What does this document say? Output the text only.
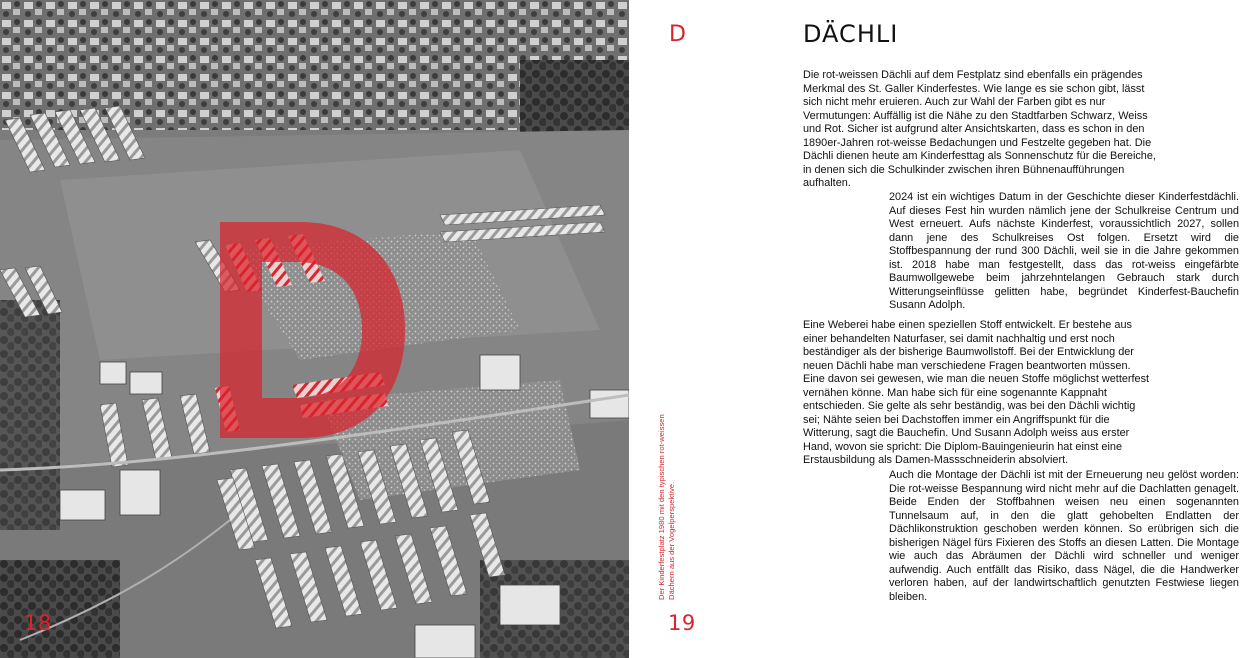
18
D	DÄCHLI

Der Kinderfestplatz 1980 mit den typischen rot-weissen Dächern aus der Vogelperspektive.

Die rot-weissen Dächli auf dem Festplatz sind ebenfalls ein prägendes Merkmal des St. Galler Kinderfestes. Wie lange es sie schon gibt, lässt sich nicht mehr eruieren. Auch zur Wahl der Farben gibt es nur Vermutungen: Auffällig ist die Nähe zu den Stadtfarben Schwarz, Weiss und Rot. Sicher ist aufgrund alter Ansichtskarten, dass es schon in den 1890er-Jahren rot-weisse Bedachungen und Festzelte gegeben hat. Die Dächli dienen heute am Kinderfesttag als Sonnenschutz für die Bereiche, in denen sich die Schulkinder zwischen ihren Bühnenaufführungen aufhalten.

2024 ist ein wichtiges Datum in der Geschichte dieser Kinderfestdächli. Auf dieses Fest hin wurden nämlich jene der Schulkreise Centrum und West erneuert. Aufs nächste Kinderfest, voraussichtlich 2027, sollen dann jene des Schulkreises Ost folgen. Ersetzt wird die Stoffbespannung der rund 300 Dächli, weil sie in die Jahre gekommen ist. 2018 habe man festgestellt, dass das rot-weiss eingefärbte Baumwollgewebe beim jahrzehntelangen Gebrauch stark durch Witterungseinflüsse gelitten habe, begründet Kinderfest-Bauchefin Susann Adolph.

Eine Weberei habe einen speziellen Stoff entwickelt. Er bestehe aus einer behandelten Naturfaser, sei damit nachhaltig und erst noch beständiger als der bisherige Baumwollstoff. Bei der Entwicklung der neuen Dächli habe man verschiedene Fragen beantworten müssen. Eine davon sei gewesen, wie man die neuen Stoffe möglichst wetterfest vernähen könne. Man habe sich für eine sogenannte Kappnaht entschieden. Sie gelte als sehr beständig, was bei den Dächli wichtig sei; Nähte seien bei Dachstoffen immer ein Angriffspunkt für die Witterung, sagt die Bauchefin. Und Susann Adolph weiss aus erster Hand, wovon sie spricht: Die Diplom-Bauingenieurin hat einst eine Erstausbildung als Damen-Massschneiderin absolviert.

Auch die Montage der Dächli ist mit der Erneuerung neu gelöst worden: Die rot-weisse Bespannung wird nicht mehr auf die Dachlatten genagelt. Beide Enden der Stoffbahnen weisen neu einen sogenannten Tunnelsaum auf, in den die glatt gehobelten Endlatten der Dächlikonstruktion geschoben werden können. So erübrigen sich die bisherigen Nägel fürs Fixieren des Stoffs an diesen Latten. Die Montage wie auch das Abräumen der Dächli wird schneller und weniger aufwendig. Auch entfällt das Risiko, dass Nägel, die die Handwerker verloren haben, auf der landwirtschaftlich genutzten Festwiese liegen bleiben.

19
